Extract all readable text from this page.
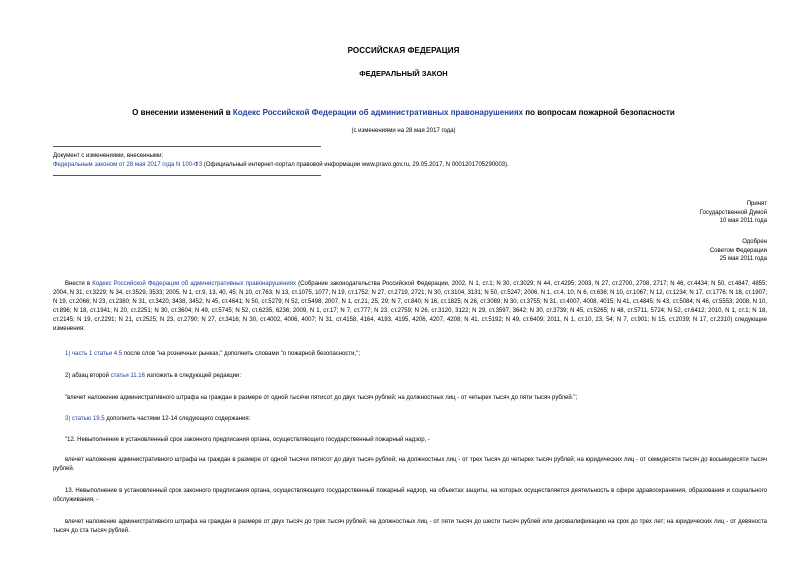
РОССИЙСКАЯ ФЕДЕРАЦИЯ
ФЕДЕРАЛЬНЫЙ ЗАКОН
О внесении изменений в Кодекс Российской Федерации об административных правонарушениях по вопросам пожарной безопасности
(с изменениями на 28 мая 2017 года)
Документ с изменениями, внесенными:
Федеральным законом от 28 мая 2017 года N 100-ФЗ (Официальный интернет-портал правовой информации www.pravo.gov.ru, 29.05.2017, N 0001201705290003).
Принят
Государственной Думой
10 мая 2011 года
Одобрен
Советом Федерации
25 мая 2011 года
Внести в Кодекс Российской Федерации об административных правонарушениях (Собрание законодательства Российской Федерации, 2002, N 1, ст.1; N 30, ст.3029; N 44, ст.4295; 2003, N 27, ст.2700, 2708, 2717; N 46, ст.4434; N 50, ст.4847, 4855; 2004, N 31, ст.3229; N 34, ст.3529, 3533; 2005, N 1, ст.9, 13, 40, 45; N 10, ст.763; N 13, ст.1075, 1077; N 19, ст.1752; N 27, ст.2719, 2721; N 30, ст.3104, 3131; N 50, ст.5247; 2006, N 1, ст.4, 10; N 6, ст.636; N 10, ст.1067; N 12, ст.1234; N 17, ст.1776; N 18, ст.1907; N 19, ст.2066; N 23, ст.2380; N 31, ст.3420, 3438, 3452; N 45, ст.4641; N 50, ст.5279; N 52, ст.5498; 2007, N 1, ст.21, 25, 29; N 7, ст.840; N 16, ст.1825; N 26, ст.3089; N 30, ст.3755; N 31, ст.4007, 4008, 4015; N 41, ст.4845; N 43, ст.5084; N 46, ст.5553; 2008, N 10, ст.896; N 18, ст.1941; N 20, ст.2251; N 30, ст.3604; N 49, ст.5745; N 52, ст.6235, 6236; 2009, N 1, ст.17; N 7, ст.777; N 23, ст.2759; N 26, ст.3120, 3122; N 29, ст.3597, 3642; N 30, ст.3739; N 45, ст.5265; N 48, ст.5711, 5724; N 52, ст.6412; 2010, N 1, ст.1; N 18, ст.2145; N 19, ст.2291; N 21, ст.2525; N 23, ст.2790; N 27, ст.3416; N 30, ст.4002, 4006, 4007; N 31, ст.4158, 4164, 4193, 4195, 4206, 4207, 4208; N 41, ст.5192; N 49, ст.6409; 2011, N 1, ст.10, 23, 54; N 7, ст.901; N 15, ст.2039; N 17, ст.2310) следующие изменения:
1) часть 1 статьи 4.5 после слов "на розничных рынках," дополнить словами "о пожарной безопасности,";
2) абзац второй статьи 11.16 изложить в следующей редакции:
"влечет наложение административного штрафа на граждан в размере от одной тысячи пятисот до двух тысяч рублей; на должностных лиц - от четырех тысяч до пяти тысяч рублей.";
3) статью 19.5 дополнить частями 12-14 следующего содержания:
"12. Невыполнение в установленный срок законного предписания органа, осуществляющего государственный пожарный надзор, -
влечет наложение административного штрафа на граждан в размере от одной тысячи пятисот до двух тысяч рублей; на должностных лиц - от трех тысяч до четырех тысяч рублей; на юридических лиц - от семидесяти тысяч до восьмидесяти тысяч рублей.
13. Невыполнение в установленный срок законного предписания органа, осуществляющего государственный пожарный надзор, на объектах защиты, на которых осуществляется деятельность в сфере здравоохранения, образования и социального обслуживания, -
влечет наложение административного штрафа на граждан в размере от двух тысяч до трех тысяч рублей; на должностных лиц - от пяти тысяч до шести тысяч рублей или дисквалификацию на срок до трех лет; на юридических лиц - от девяноста тысяч до ста тысяч рублей.
